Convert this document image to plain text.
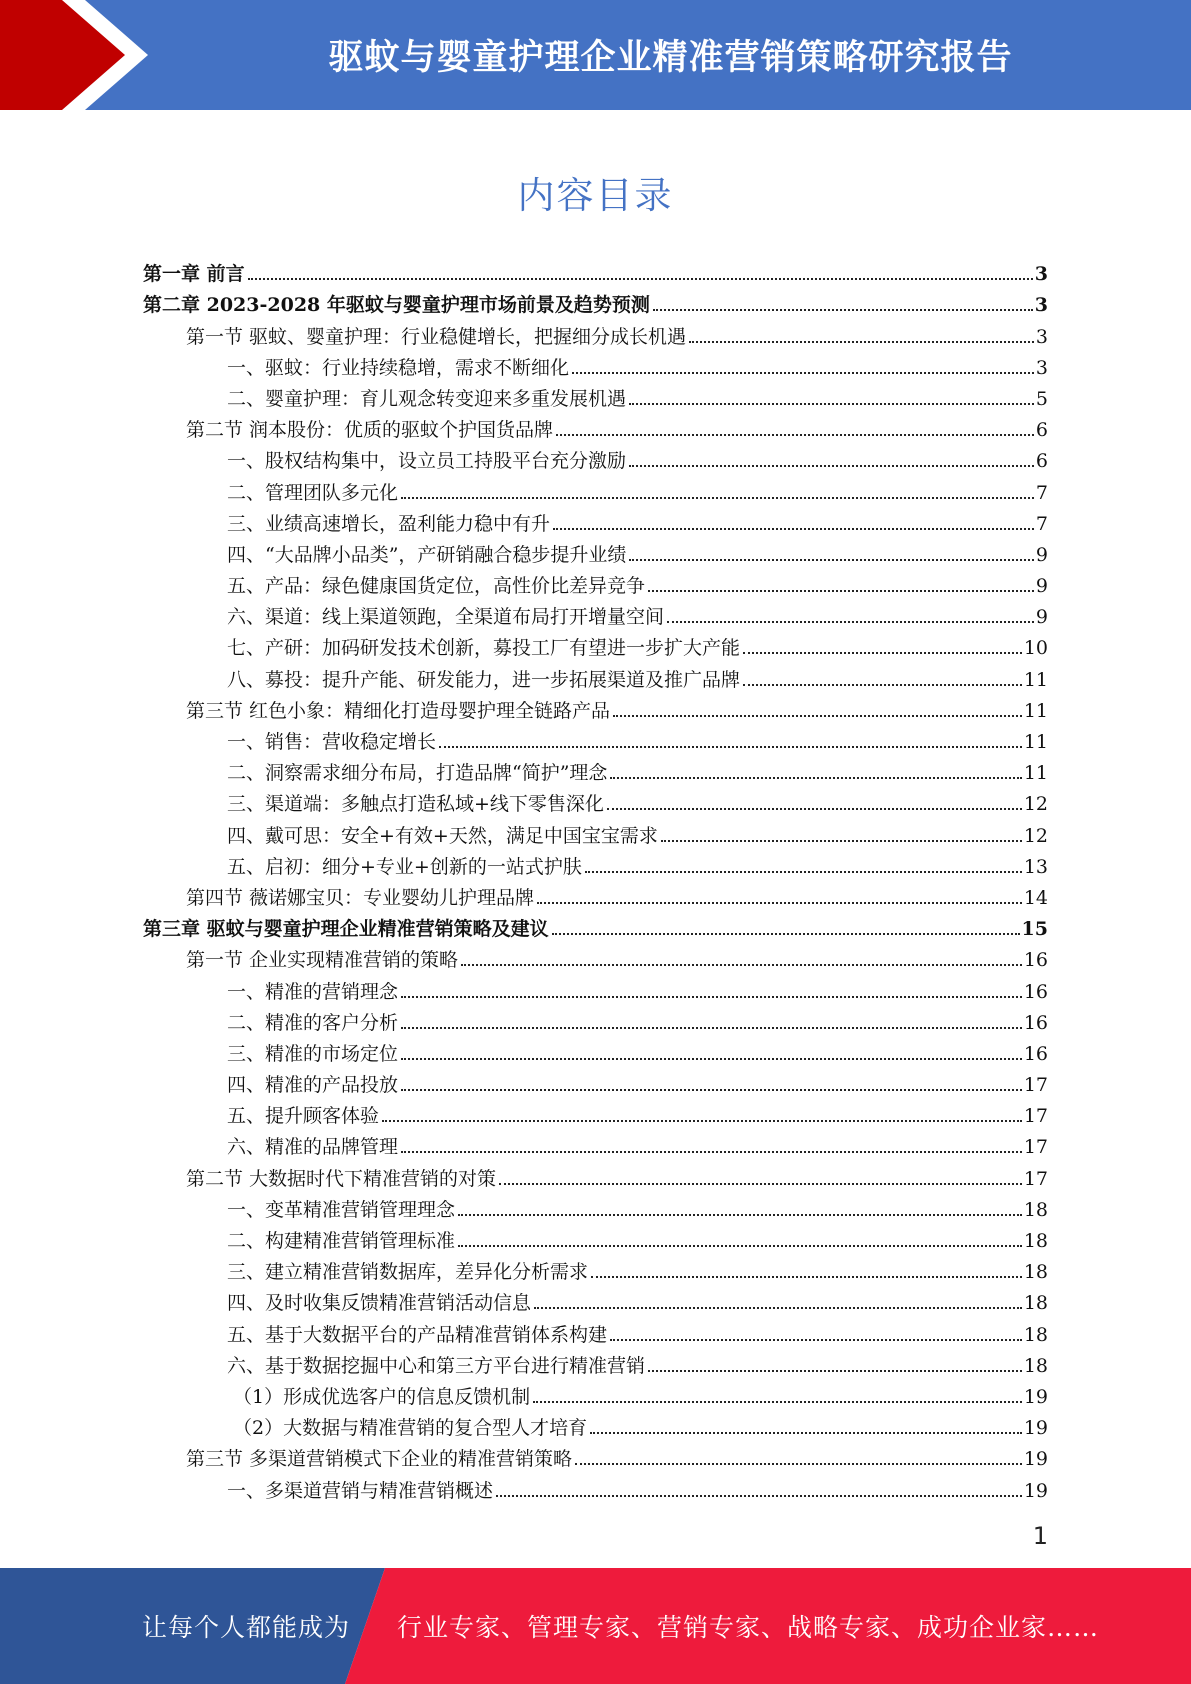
驱蚊与婴童护理企业精准营销策略研究报告
内容目录
第一章 前言	3
第二章 2023-2028 年驱蚊与婴童护理市场前景及趋势预测	3
第一节 驱蚊、婴童护理：行业稳健增长，把握细分成长机遇	3
一、驱蚊：行业持续稳增，需求不断细化	3
二、婴童护理：育儿观念转变迎来多重发展机遇	5
第二节 润本股份：优质的驱蚊个护国货品牌	6
一、股权结构集中，设立员工持股平台充分激励	6
二、管理团队多元化	7
三、业绩高速增长，盈利能力稳中有升	7
四、“大品牌小品类”，产研销融合稳步提升业绩	9
五、产品：绿色健康国货定位，高性价比差异竞争	9
六、渠道：线上渠道领跑，全渠道布局打开增量空间	9
七、产研：加码研发技术创新，募投工厂有望进一步扩大产能	10
八、募投：提升产能、研发能力，进一步拓展渠道及推广品牌	11
第三节 红色小象：精细化打造母婴护理全链路产品	11
一、销售：营收稳定增长	11
二、洞察需求细分布局，打造品牌“简护”理念	11
三、渠道端：多触点打造私域+线下零售深化	12
四、戴可思：安全+有效+天然，满足中国宝宝需求	12
五、启初：细分+专业+创新的一站式护肤	13
第四节 薇诺娜宝贝：专业婴幼儿护理品牌	14
第三章 驱蚊与婴童护理企业精准营销策略及建议	15
第一节 企业实现精准营销的策略	16
一、精准的营销理念	16
二、精准的客户分析	16
三、精准的市场定位	16
四、精准的产品投放	17
五、提升顾客体验	17
六、精准的品牌管理	17
第二节 大数据时代下精准营销的对策	17
一、变革精准营销管理理念	18
二、构建精准营销管理标准	18
三、建立精准营销数据库，差异化分析需求	18
四、及时收集反馈精准营销活动信息	18
五、基于大数据平台的产品精准营销体系构建	18
六、基于数据挖掘中心和第三方平台进行精准营销	18
（1）形成优选客户的信息反馈机制	19
（2）大数据与精准营销的复合型人才培育	19
第三节 多渠道营销模式下企业的精准营销策略	19
一、多渠道营销与精准营销概述	19
1
让每个人都能成为 行业专家、管理专家、营销专家、战略专家、成功企业家……
